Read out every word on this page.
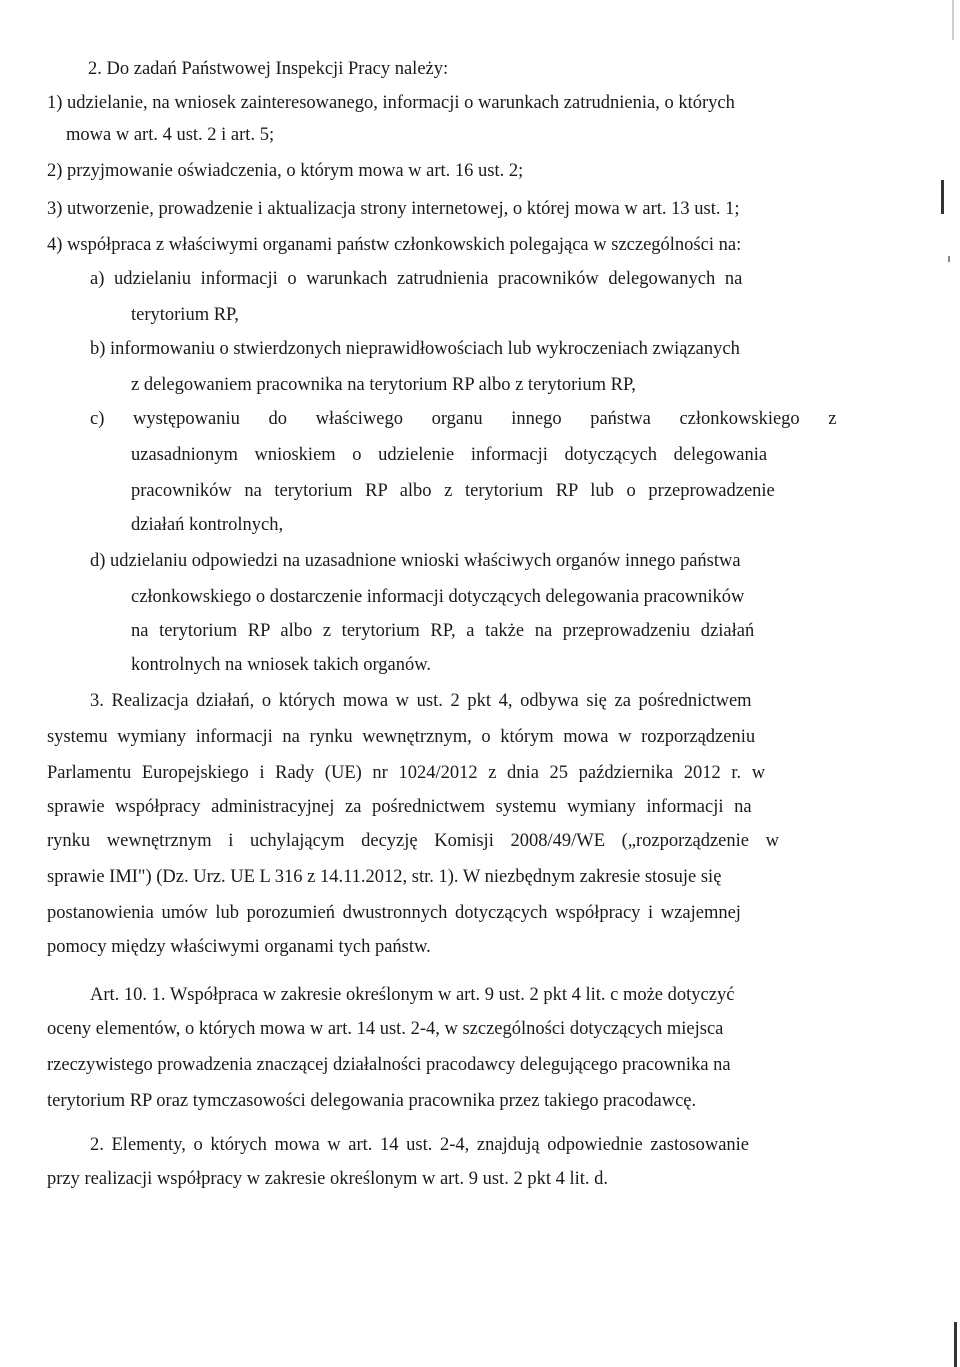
2. Do zadań Państwowej Inspekcji Pracy należy:
1) udzielanie, na wniosek zainteresowanego, informacji o warunkach zatrudnienia, o których
mowa w art. 4 ust. 2 i art. 5;
2) przyjmowanie oświadczenia, o którym mowa w art. 16 ust. 2;
3) utworzenie, prowadzenie i aktualizacja strony internetowej, o której mowa w art. 13 ust. 1;
4) współpraca z właściwymi organami państw członkowskich polegająca w szczególności na:
a) udzielaniu informacji o warunkach zatrudnienia pracowników delegowanych na
terytorium RP,
b) informowaniu o stwierdzonych nieprawidłowościach lub wykroczeniach związanych
z delegowaniem pracownika na terytorium RP albo z terytorium RP,
c) występowaniu do właściwego organu innego państwa członkowskiego z
uzasadnionym wnioskiem o udzielenie informacji dotyczących delegowania
pracowników na terytorium RP albo z terytorium RP lub o przeprowadzenie
działań kontrolnych,
d) udzielaniu odpowiedzi na uzasadnione wnioski właściwych organów innego państwa
członkowskiego o dostarczenie informacji dotyczących delegowania pracowników
na terytorium RP albo z terytorium RP, a także na przeprowadzeniu działań
kontrolnych na wniosek takich organów.
3. Realizacja działań, o których mowa w ust. 2 pkt 4, odbywa się za pośrednictwem
systemu wymiany informacji na rynku wewnętrznym, o którym mowa w rozporządzeniu
Parlamentu Europejskiego i Rady (UE) nr 1024/2012 z dnia 25 października 2012 r. w
sprawie współpracy administracyjnej za pośrednictwem systemu wymiany informacji na
rynku wewnętrznym i uchylającym decyzję Komisji 2008/49/WE („rozporządzenie w
sprawie IMI") (Dz. Urz. UE L 316 z 14.11.2012, str. 1). W niezbędnym zakresie stosuje się
postanowienia umów lub porozumień dwustronnych dotyczących współpracy i wzajemnej
pomocy między właściwymi organami tych państw.
Art. 10. 1. Współpraca w zakresie określonym w art. 9 ust. 2 pkt 4 lit. c może dotyczyć
oceny elementów, o których mowa w art. 14 ust. 2-4, w szczególności dotyczących miejsca
rzeczywistego prowadzenia znaczącej działalności pracodawcy delegującego pracownika na
terytorium RP oraz tymczasowości delegowania pracownika przez takiego pracodawcę.
2. Elementy, o których mowa w art. 14 ust. 2-4, znajdują odpowiednie zastosowanie
przy realizacji współpracy w zakresie określonym w art. 9 ust. 2 pkt 4 lit. d.
